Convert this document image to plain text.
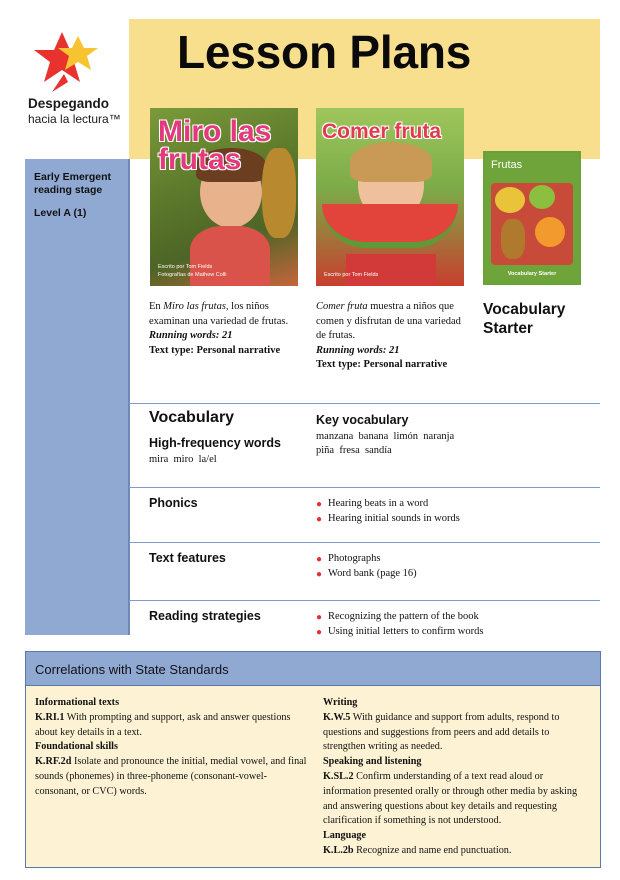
Despegando
hacia la lectura™
Lesson Plans
Early Emergent reading stage
Level A (1)
Miro las frutas
Escrito por Tom Fields
Fotografías de Mathew Colli
Comer fruta
Escrito por Tom Fields
Frutas
Vocabulary Starter
En Miro las frutas, los niños examinan una variedad de frutas.
Running words: 21
Text type: Personal narrative
Comer fruta muestra a niños que comen y disfrutan de una variedad de frutas.
Running words: 21
Text type: Personal narrative
Vocabulary Starter
Vocabulary
High-frequency words
mira  miro  la/el
Key vocabulary
manzana  banana  limón  naranja
piña  fresa  sandía
Phonics	● Hearing beats in a word
● Hearing initial sounds in words
Text features	● Photographs
● Word bank (page 16)
Reading strategies	● Recognizing the pattern of the book
● Using initial letters to confirm words
Correlations with State Standards
Informational texts
K.RI.1 With prompting and support, ask and answer questions about key details in a text.
Foundational skills
K.RF.2d Isolate and pronounce the initial, medial vowel, and final sounds (phonemes) in three-phoneme (consonant-vowel-consonant, or CVC) words.
Writing
K.W.5 With guidance and support from adults, respond to questions and suggestions from peers and add details to strengthen writing as needed.
Speaking and listening
K.SL.2 Confirm understanding of a text read aloud or information presented orally or through other media by asking and answering questions about key details and requesting clarification if something is not understood.
Language
K.L.2b Recognize and name end punctuation.
